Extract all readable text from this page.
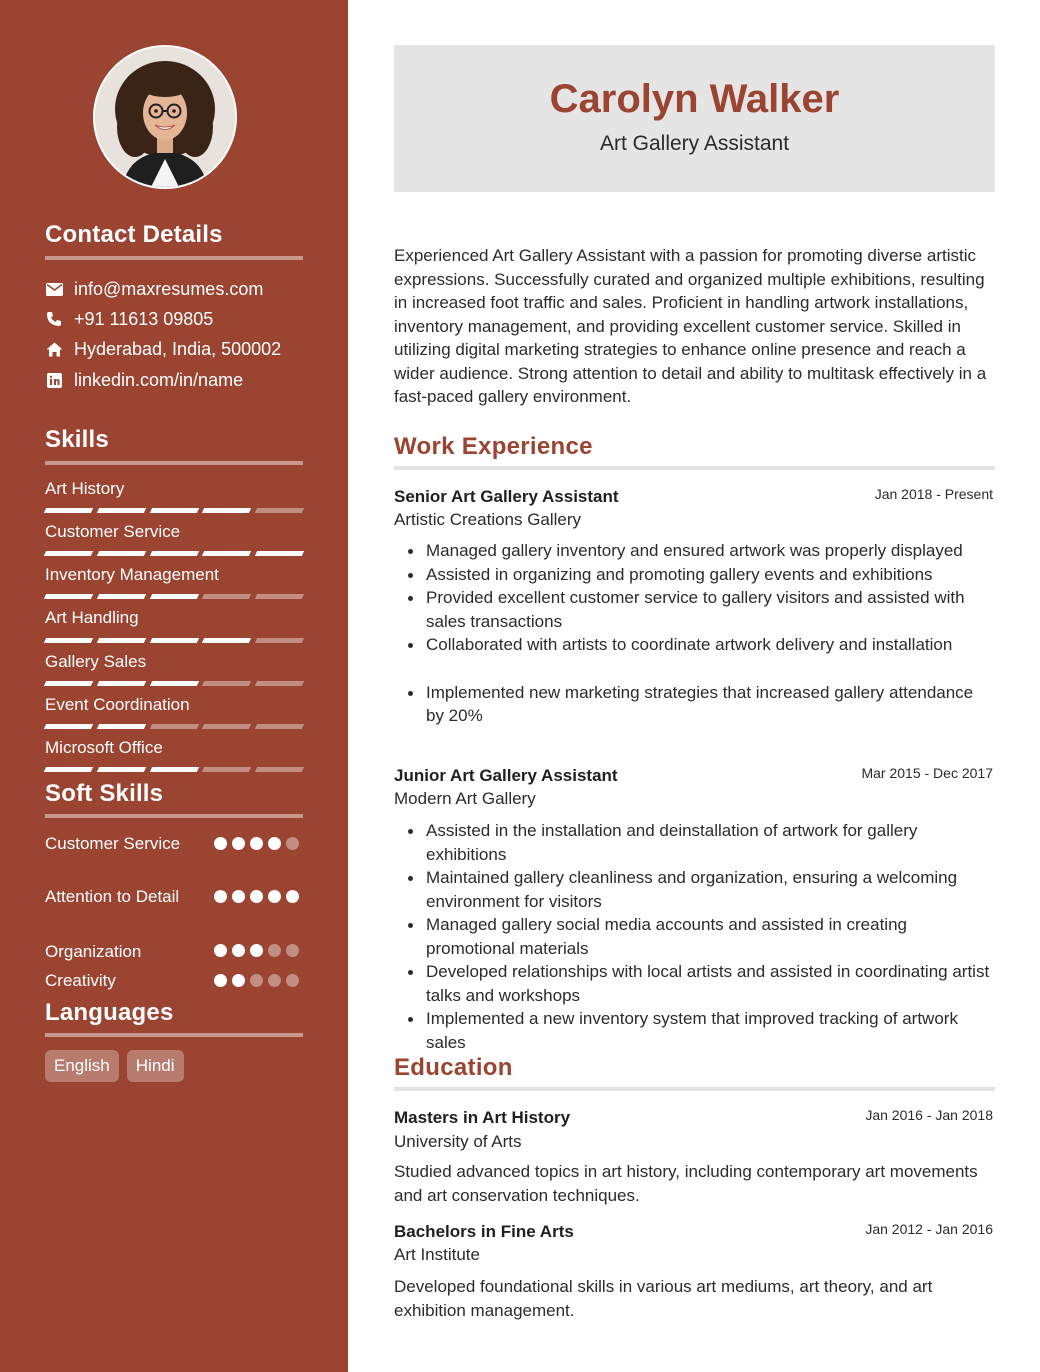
Contact Details
info@maxresumes.com
+91 11613 09805
Hyderabad, India, 500002
linkedin.com/in/name
Skills
Art History
Customer Service
Inventory Management
Art Handling
Gallery Sales
Event Coordination
Microsoft Office
Soft Skills
Customer Service
Attention to Detail
Organization
Creativity
Languages
English	Hindi
Carolyn Walker
Art Gallery Assistant
Experienced Art Gallery Assistant with a passion for promoting diverse artistic expressions. Successfully curated and organized multiple exhibitions, resulting in increased foot traffic and sales. Proficient in handling artwork installations, inventory management, and providing excellent customer service. Skilled in utilizing digital marketing strategies to enhance online presence and reach a wider audience. Strong attention to detail and ability to multitask effectively in a fast-paced gallery environment.
Work Experience
Senior Art Gallery Assistant	Jan 2018 - Present
Artistic Creations Gallery
Managed gallery inventory and ensured artwork was properly displayed
Assisted in organizing and promoting gallery events and exhibitions
Provided excellent customer service to gallery visitors and assisted with sales transactions
Collaborated with artists to coordinate artwork delivery and installation
Implemented new marketing strategies that increased gallery attendance by 20%
Junior Art Gallery Assistant	Mar 2015 - Dec 2017
Modern Art Gallery
Assisted in the installation and deinstallation of artwork for gallery exhibitions
Maintained gallery cleanliness and organization, ensuring a welcoming environment for visitors
Managed gallery social media accounts and assisted in creating promotional materials
Developed relationships with local artists and assisted in coordinating artist talks and workshops
Implemented a new inventory system that improved tracking of artwork sales
Education
Masters in Art History	Jan 2016 - Jan 2018
University of Arts
Studied advanced topics in art history, including contemporary art movements and art conservation techniques.
Bachelors in Fine Arts	Jan 2012 - Jan 2016
Art Institute
Developed foundational skills in various art mediums, art theory, and art exhibition management.
